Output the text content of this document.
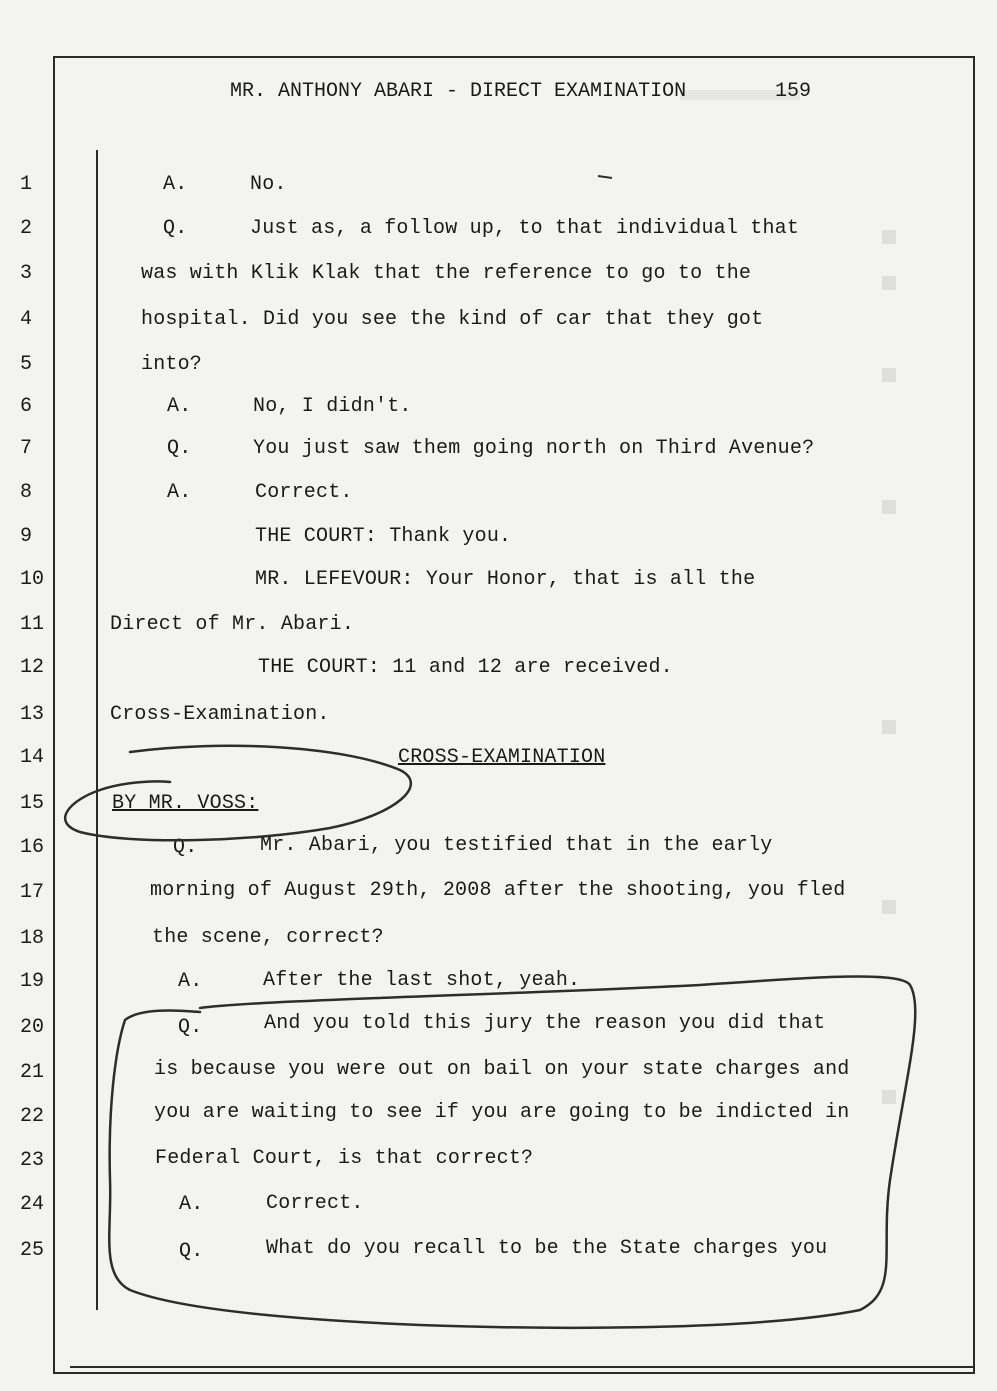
MR. ANTHONY ABARI - DIRECT EXAMINATION	159
1	A.	No.
2	Q.	Just as, a follow up, to that individual that
3	was with Klik Klak that the reference to go to the
4	hospital. Did you see the kind of car that they got
5	into?
6	A.	No, I didn't.
7	Q.	You just saw them going north on Third Avenue?
8	A.	Correct.
9	THE COURT: Thank you.
10	MR. LEFEVOUR: Your Honor, that is all the
11	Direct of Mr. Abari.
12	THE COURT: 11 and 12 are received.
13	Cross-Examination.
14	CROSS-EXAMINATION
15	BY MR. VOSS:
16	Q.	Mr. Abari, you testified that in the early
17	morning of August 29th, 2008 after the shooting, you fled
18	the scene, correct?
19	A.	After the last shot, yeah.
20	Q.	And you told this jury the reason you did that
21	is because you were out on bail on your state charges and
22	you are waiting to see if you are going to be indicted in
23	Federal Court, is that correct?
24	A.	Correct.
25	Q.	What do you recall to be the State charges you
